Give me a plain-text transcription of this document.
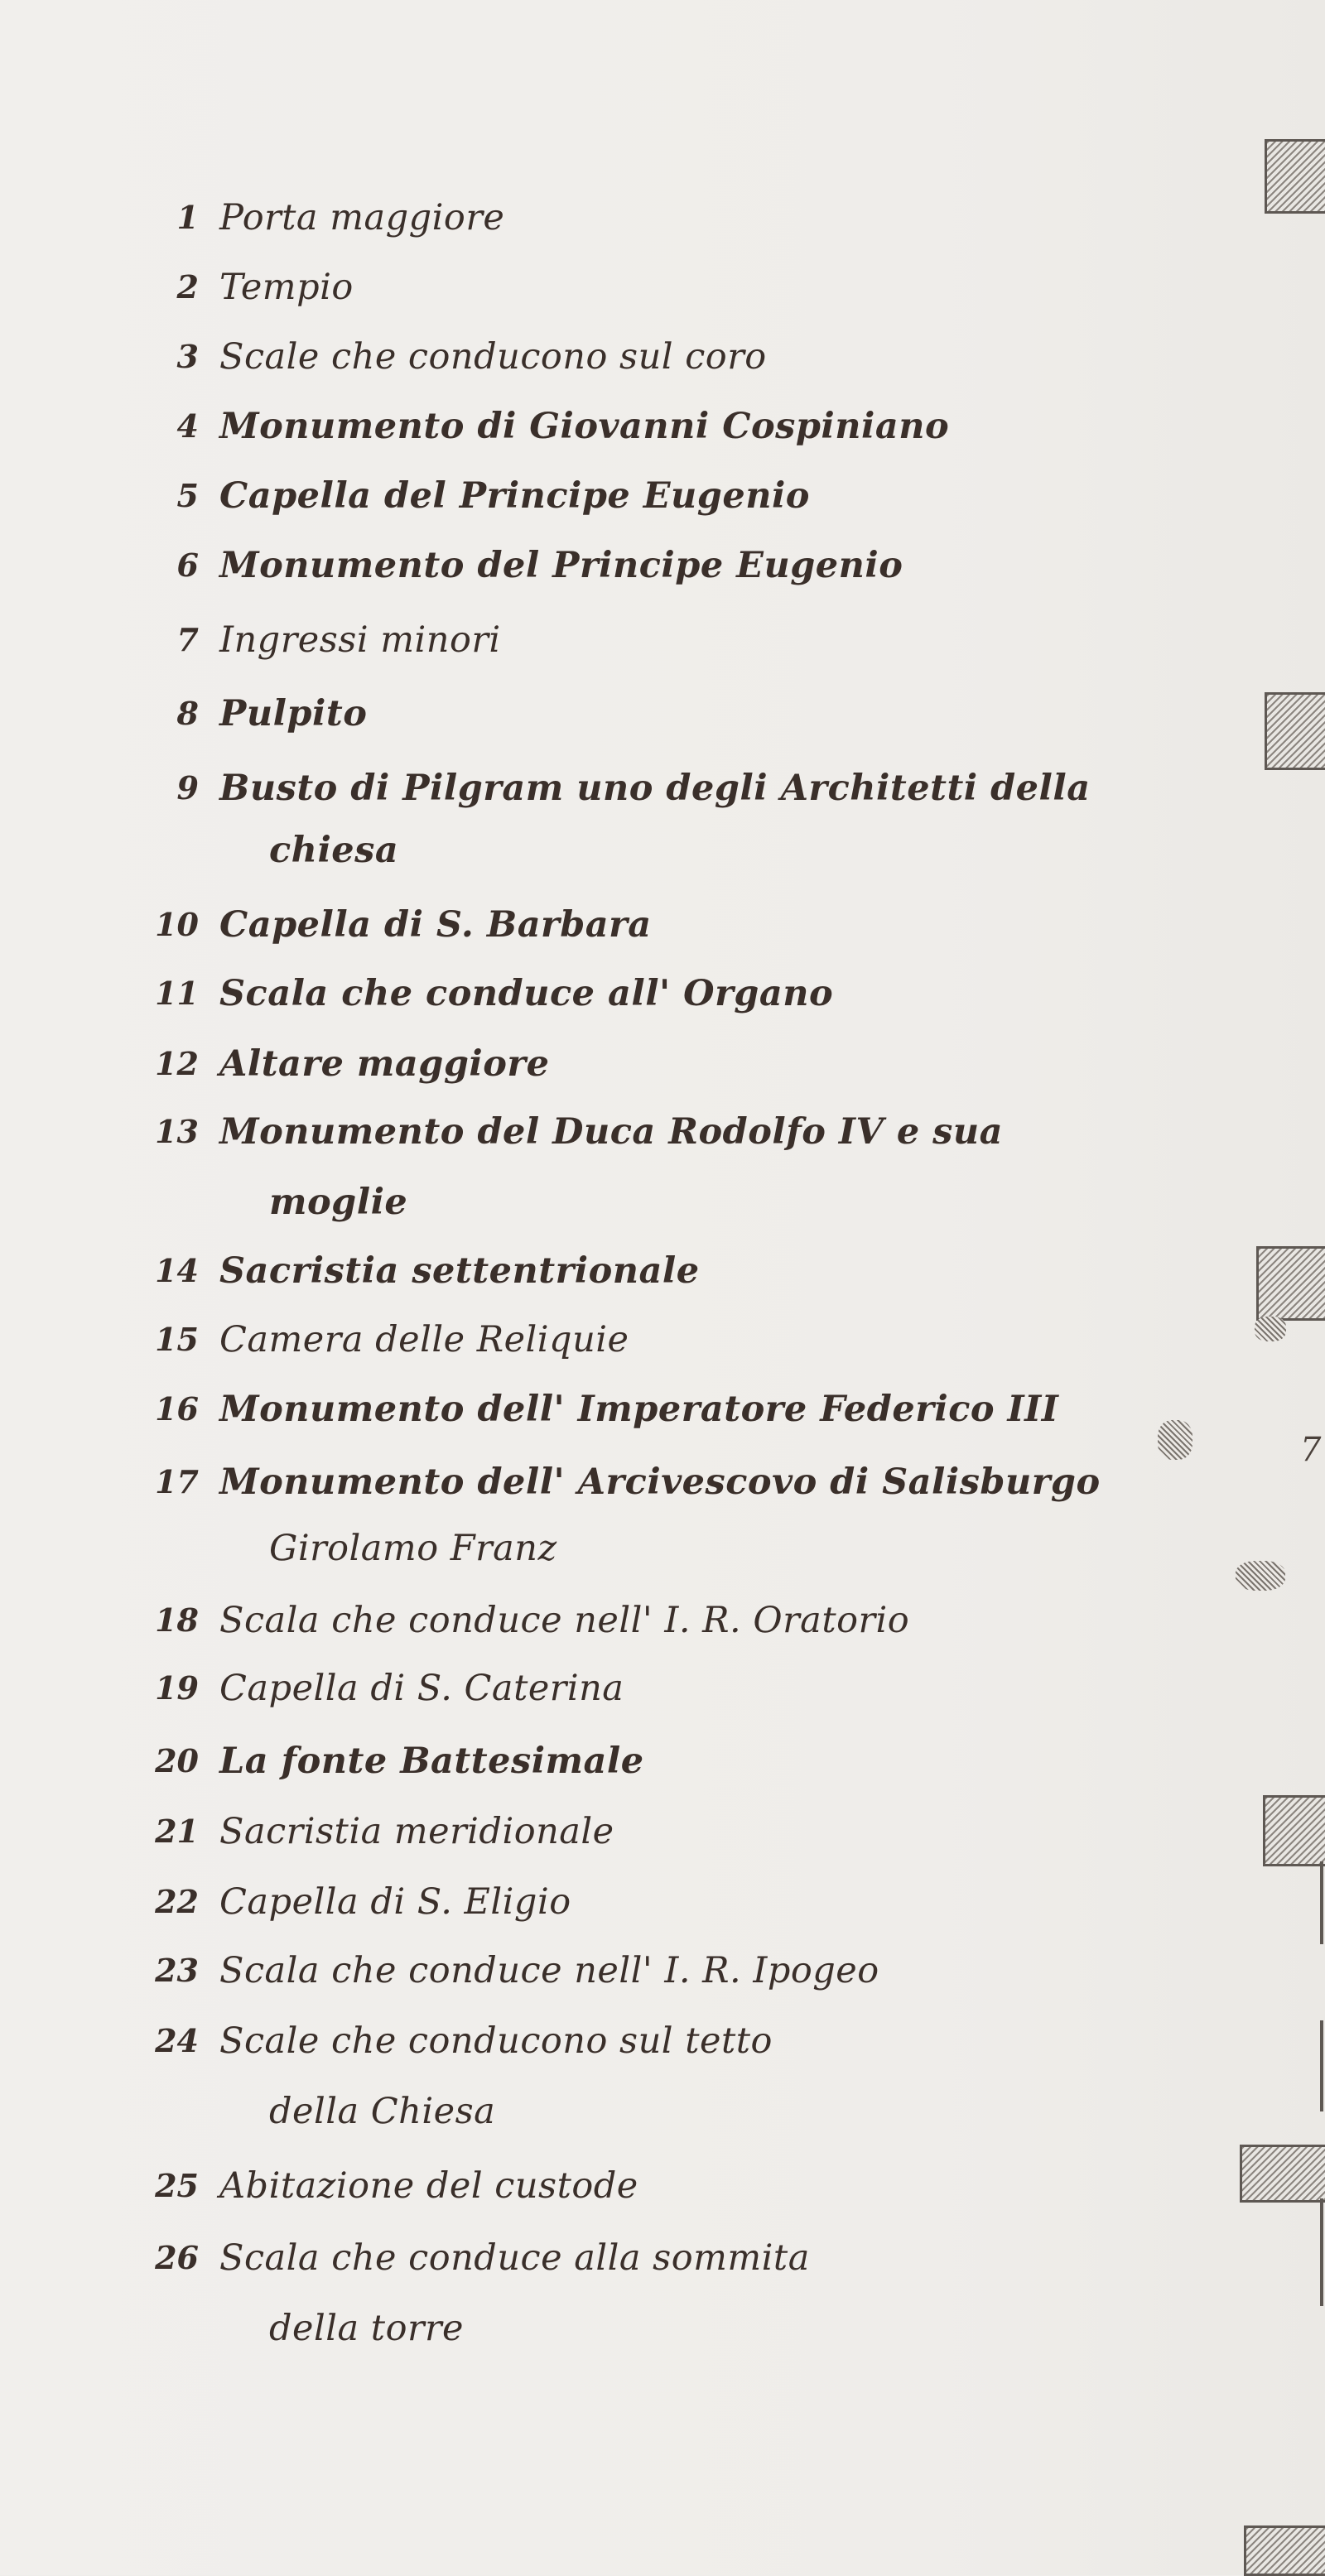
1 Porta maggiore
2 Tempio
3 Scale che conducono sul coro
4 Monumento di Giovanni Cospiniano
5 Capella del Principe Eugenio
6 Monumento del Principe Eugenio
7 Ingressi minori
8 Pulpito
9 Busto di Pilgram uno degli Architetti della
chiesa
10 Capella di S. Barbara
11 Scala che conduce all' Organo
12 Altare maggiore
13 Monumento del Duca Rodolfo IV e sua
moglie
14 Sacristia settentrionale
15 Camera delle Reliquie
16 Monumento dell' Imperatore Federico III
17 Monumento dell' Arcivescovo di Salisburgo
Girolamo Franz
18 Scala che conduce nell' I. R. Oratorio
19 Capella di S. Caterina
20 La fonte Battesimale
21 Sacristia meridionale
22 Capella di S. Eligio
23 Scala che conduce nell' I. R. Ipogeo
24 Scale che conducono sul tetto
della Chiesa
25 Abitazione del custode
26 Scala che conduce alla sommita
della torre
7
